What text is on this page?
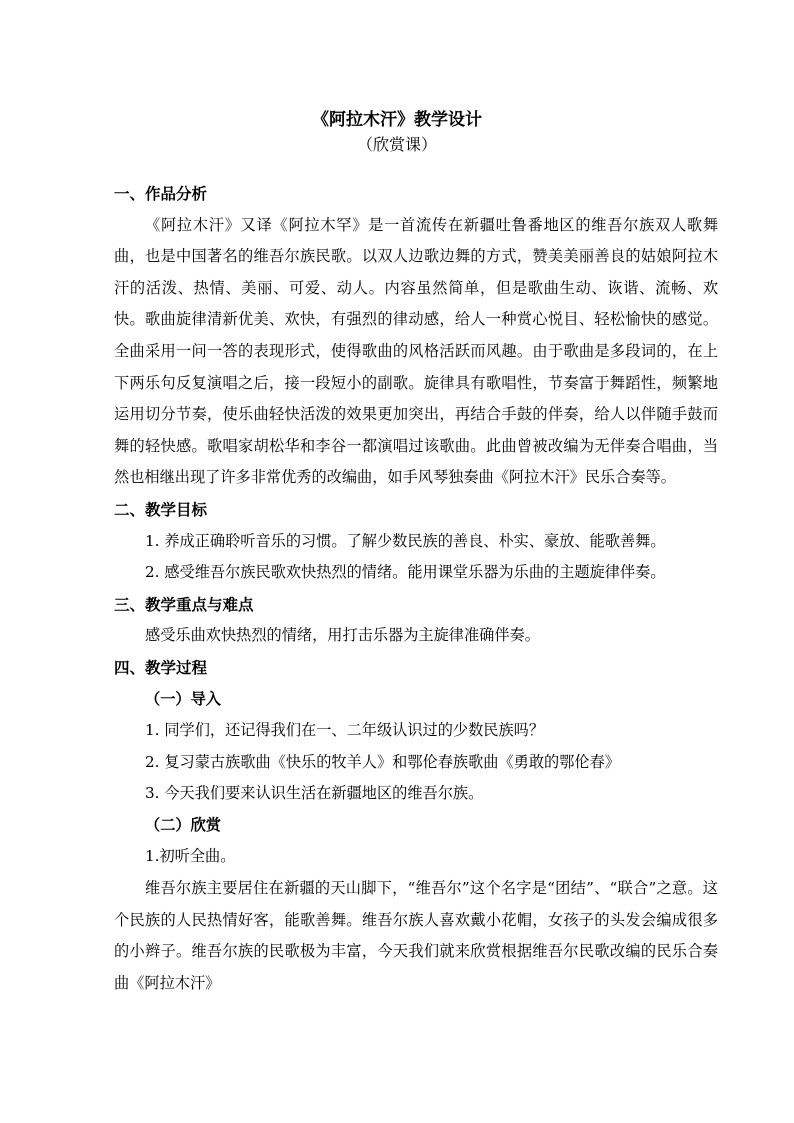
《阿拉木汗》教学设计
（欣赏课）

一、作品分析

《阿拉木汗》又译《阿拉木罕》是一首流传在新疆吐鲁番地区的维吾尔族双人歌舞曲，也是中国著名的维吾尔族民歌。以双人边歌边舞的方式，赞美美丽善良的姑娘阿拉木汗的活泼、热情、美丽、可爱、动人。内容虽然简单，但是歌曲生动、诙谐、流畅、欢快。歌曲旋律清新优美、欢快，有强烈的律动感，给人一种赏心悦目、轻松愉快的感觉。全曲采用一问一答的表现形式，使得歌曲的风格活跃而风趣。由于歌曲是多段词的，在上下两乐句反复演唱之后，接一段短小的副歌。旋律具有歌唱性，节奏富于舞蹈性，频繁地运用切分节奏，使乐曲轻快活泼的效果更加突出，再结合手鼓的伴奏，给人以伴随手鼓而舞的轻快感。歌唱家胡松华和李谷一都演唱过该歌曲。此曲曾被改编为无伴奏合唱曲，当然也相继出现了许多非常优秀的改编曲，如手风琴独奏曲《阿拉木汗》民乐合奏等。

二、教学目标

1. 养成正确聆听音乐的习惯。了解少数民族的善良、朴实、豪放、能歌善舞。

2. 感受维吾尔族民歌欢快热烈的情绪。能用课堂乐器为乐曲的主题旋律伴奏。

三、教学重点与难点

感受乐曲欢快热烈的情绪，用打击乐器为主旋律准确伴奏。

四、教学过程

（一）导入

1. 同学们，还记得我们在一、二年级认识过的少数民族吗？

2. 复习蒙古族歌曲《快乐的牧羊人》和鄂伦春族歌曲《勇敢的鄂伦春》

3. 今天我们要来认识生活在新疆地区的维吾尔族。

（二）欣赏

1.初听全曲。

维吾尔族主要居住在新疆的天山脚下，“维吾尔”这个名字是“团结”、“联合”之意。这个民族的人民热情好客，能歌善舞。维吾尔族人喜欢戴小花帽，女孩子的头发会编成很多的小辫子。维吾尔族的民歌极为丰富，今天我们就来欣赏根据维吾尔民歌改编的民乐合奏曲《阿拉木汗》
